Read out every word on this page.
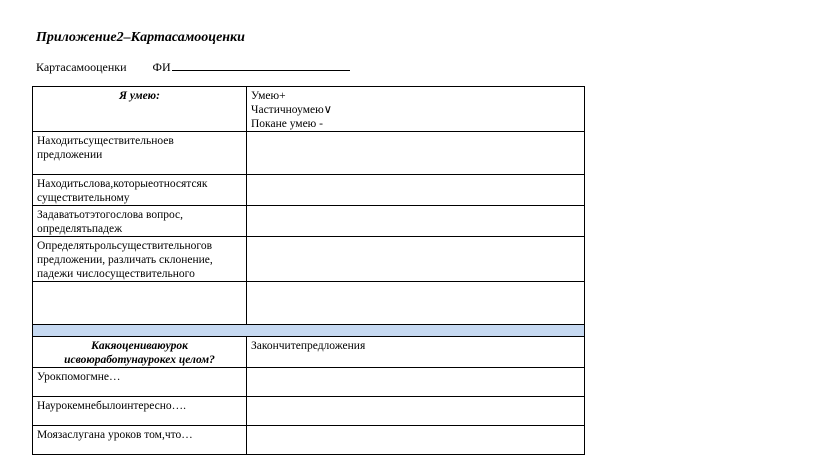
Приложение2–Картасамооценки
Картасамооценки ФИ
Я умею:	Умею+
Частичноумею∨
Покане умею -

Находитьсуществительноев
предложении	

Находитьслова,которыеотносятсяк
существительному	

Задаватьотэтогослова вопрос,
определятьпадеж	

Определятьрольсуществительногов
предложении, различать склонение,
падежи числосуществительного	

Какяоцениваюурок
исвоюработунаурокех целом?	Закончитепредложения
Урокпомогмне…	
Наурокемнебылоинтересно….	
Моязаслугана уроков том,что…	
